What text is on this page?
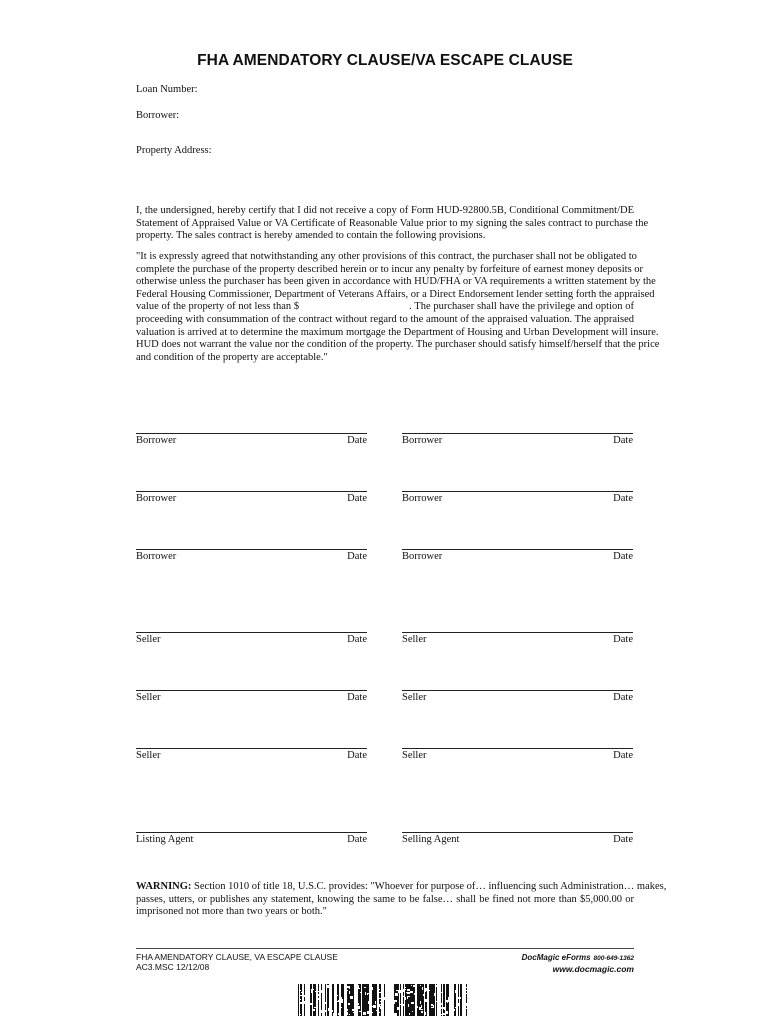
FHA AMENDATORY CLAUSE/VA ESCAPE CLAUSE
Loan Number:
Borrower:
Property Address:

I, the undersigned, hereby certify that I did not receive a copy of Form HUD-92800.5B, Conditional Commitment/DE
Statement of Appraised Value or VA Certificate of Reasonable Value prior to my signing the sales contract to purchase the
property. The sales contract is hereby amended to contain the following provisions.

"It is expressly agreed that notwithstanding any other provisions of this contract, the purchaser shall not be obligated to
complete the purchase of the property described herein or to incur any penalty by forfeiture of earnest money deposits or
otherwise unless the purchaser has been given in accordance with HUD/FHA or VA requirements a written statement by the
Federal Housing Commissioner, Department of Veterans Affairs, or a Direct Endorsement lender setting forth the appraised
value of the property of not less than $                                        . The purchaser shall have the privilege and option of
proceeding with consummation of the contract without regard to the amount of the appraised valuation. The appraised
valuation is arrived at to determine the maximum mortgage the Department of Housing and Urban Development will insure.
HUD does not warrant the value nor the condition of the property. The purchaser should satisfy himself/herself that the price
and condition of the property are acceptable."

Borrower	Date	Borrower	Date
Borrower	Date	Borrower	Date
Borrower	Date	Borrower	Date
Seller	Date	Seller	Date
Seller	Date	Seller	Date
Seller	Date	Seller	Date
Listing Agent	Date	Selling Agent	Date

WARNING: Section 1010 of title 18, U.S.C. provides: "Whoever for purpose of… influencing such Administration… makes,
passes, utters, or publishes any statement, knowing the same to be false… shall be fined not more than $5,000.00 or
imprisoned not more than two years or both."

FHA AMENDATORY CLAUSE, VA ESCAPE CLAUSE
AC3.MSC 12/12/08
DocMagic eForms 800-649-1362
www.docmagic.com
